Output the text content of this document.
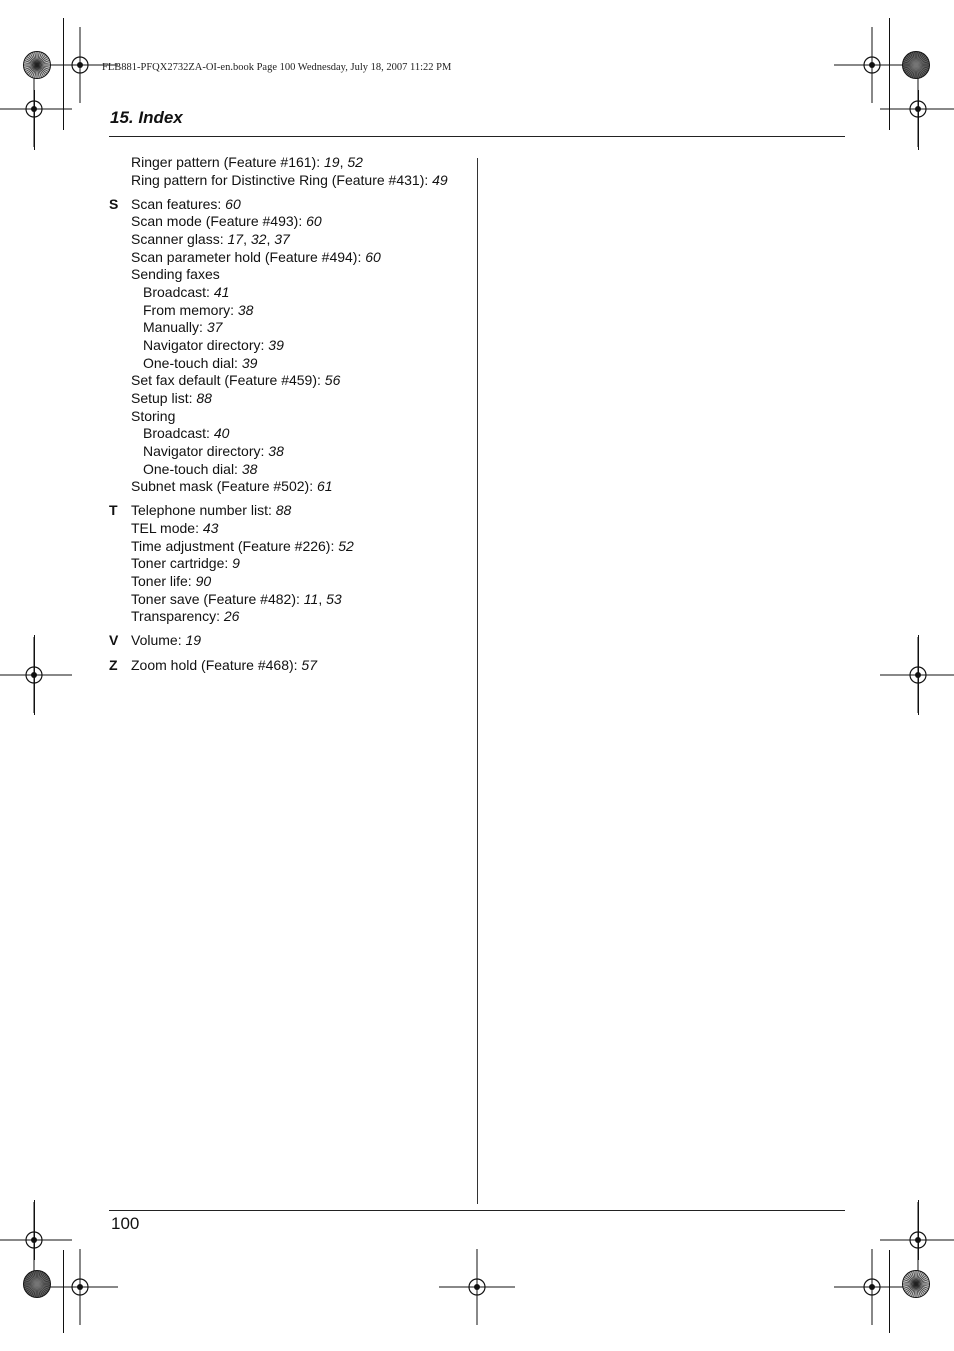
FLB881-PFQX2732ZA-OI-en.book Page 100 Wednesday, July 18, 2007 11:22 PM
15. Index
Ringer pattern (Feature #161): 19, 52
Ring pattern for Distinctive Ring (Feature #431): 49
S Scan features: 60
Scan mode (Feature #493): 60
Scanner glass: 17, 32, 37
Scan parameter hold (Feature #494): 60
Sending faxes
Broadcast: 41
From memory: 38
Manually: 37
Navigator directory: 39
One-touch dial: 39
Set fax default (Feature #459): 56
Setup list: 88
Storing
Broadcast: 40
Navigator directory: 38
One-touch dial: 38
Subnet mask (Feature #502): 61
T Telephone number list: 88
TEL mode: 43
Time adjustment (Feature #226): 52
Toner cartridge: 9
Toner life: 90
Toner save (Feature #482): 11, 53
Transparency: 26
V Volume: 19
Z Zoom hold (Feature #468): 57
100
